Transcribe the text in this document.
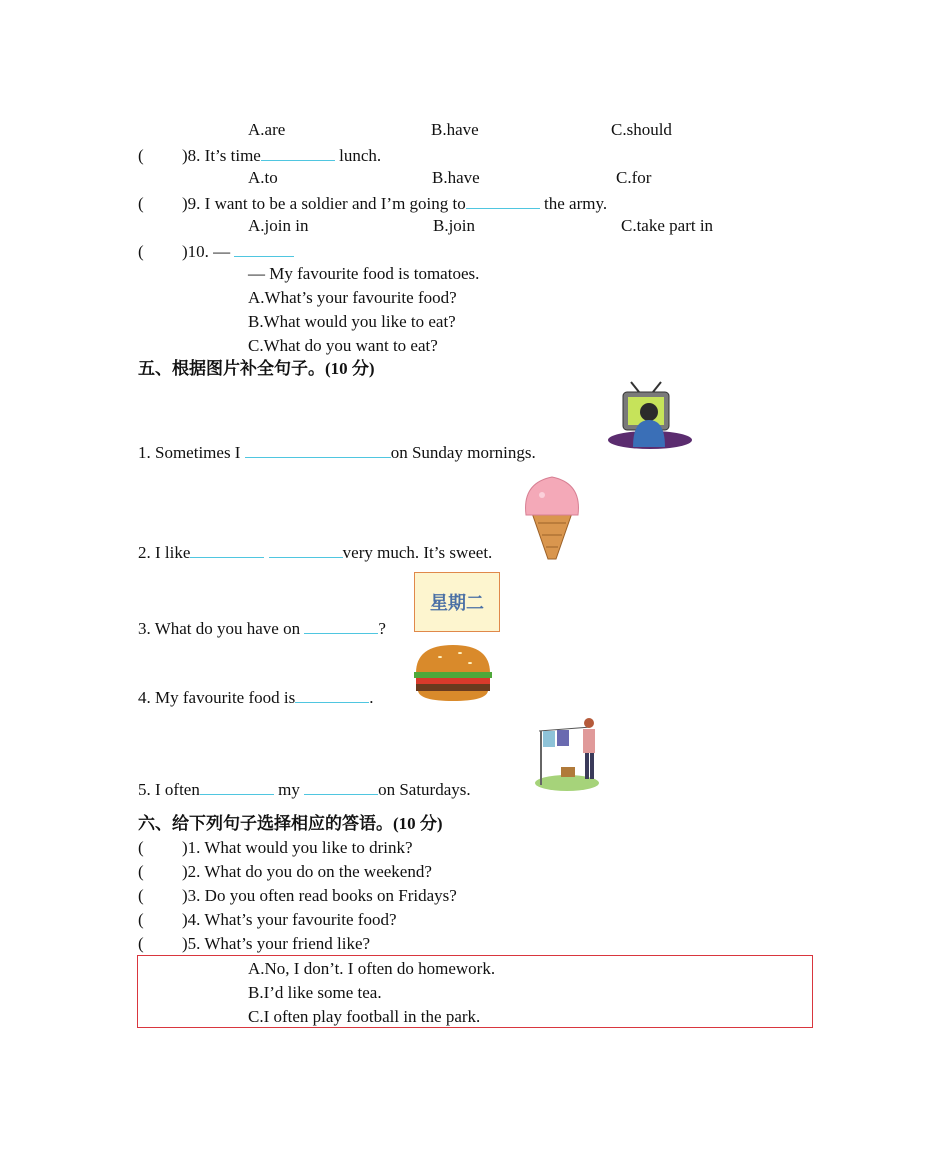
A.are	B.have	C.should
( )8. It’s time	lunch.
A.to	B.have	C.for
( )9. I want to be a soldier and I’m going to	the army.
A.join in	B.join	C.take part in
( )10. —
— My favourite food is tomatoes.
A.What’s your favourite food?
B.What would you like to eat?
C.What do you want to eat?
五、根据图片补全句子。(10 分)
1. Sometimes I	on Sunday mornings.
2. I like	very much. It’s sweet.
3. What do you have on	?
4. My favourite food is	.
5. I often	my	on Saturdays.
星期二
六、给下列句子选择相应的答语。(10 分)
( )1. What would you like to drink?
( )2. What do you do on the weekend?
( )3. Do you often read books on Fridays?
( )4. What’s your favourite food?
( )5. What’s your friend like?
A.No, I don’t. I often do homework.
B.I’d like some tea.
C.I often play football in the park.
